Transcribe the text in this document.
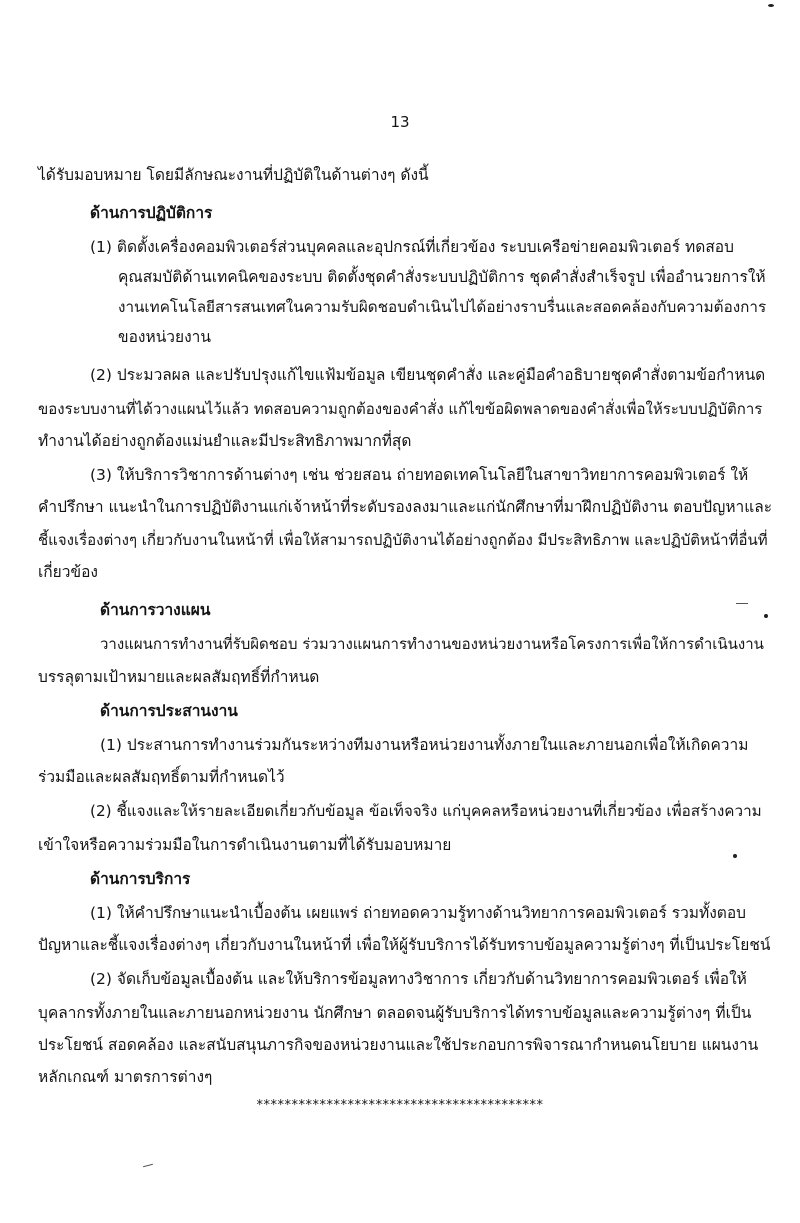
13
ได้รับมอบหมาย โดยมีลักษณะงานที่ปฏิบัติในด้านต่างๆ ดังนี้
ด้านการปฏิบัติการ
(1) ติดตั้งเครื่องคอมพิวเตอร์ส่วนบุคคลและอุปกรณ์ที่เกี่ยวข้อง ระบบเครือข่ายคอมพิวเตอร์ ทดสอบ
คุณสมบัติด้านเทคนิคของระบบ ติดตั้งชุดคำสั่งระบบปฏิบัติการ ชุดคำสั่งสำเร็จรูป เพื่ออำนวยการให้
งานเทคโนโลยีสารสนเทศในความรับผิดชอบดำเนินไปได้อย่างราบรื่นและสอดคล้องกับความต้องการ
ของหน่วยงาน
(2) ประมวลผล และปรับปรุงแก้ไขแฟ้มข้อมูล เขียนชุดคำสั่ง และคู่มือคำอธิบายชุดคำสั่งตามข้อกำหนด
ของระบบงานที่ได้วางแผนไว้แล้ว ทดสอบความถูกต้องของคำสั่ง แก้ไขข้อผิดพลาดของคำสั่งเพื่อให้ระบบปฏิบัติการ
ทำงานได้อย่างถูกต้องแม่นยำและมีประสิทธิภาพมากที่สุด
(3) ให้บริการวิชาการด้านต่างๆ เช่น ช่วยสอน ถ่ายทอดเทคโนโลยีในสาขาวิทยาการคอมพิวเตอร์ ให้
คำปรึกษา แนะนำในการปฏิบัติงานแก่เจ้าหน้าที่ระดับรองลงมาและแก่นักศึกษาที่มาฝึกปฏิบัติงาน ตอบปัญหาและ
ชี้แจงเรื่องต่างๆ เกี่ยวกับงานในหน้าที่ เพื่อให้สามารถปฏิบัติงานได้อย่างถูกต้อง มีประสิทธิภาพ และปฏิบัติหน้าที่อื่นที่
เกี่ยวข้อง
ด้านการวางแผน
วางแผนการทำงานที่รับผิดชอบ ร่วมวางแผนการทำงานของหน่วยงานหรือโครงการเพื่อให้การดำเนินงาน
บรรลุตามเป้าหมายและผลสัมฤทธิ์ที่กำหนด
ด้านการประสานงาน
(1) ประสานการทำงานร่วมกันระหว่างทีมงานหรือหน่วยงานทั้งภายในและภายนอกเพื่อให้เกิดความ
ร่วมมือและผลสัมฤทธิ์ตามที่กำหนดไว้
(2) ชี้แจงและให้รายละเอียดเกี่ยวกับข้อมูล ข้อเท็จจริง แก่บุคคลหรือหน่วยงานที่เกี่ยวข้อง เพื่อสร้างความ
เข้าใจหรือความร่วมมือในการดำเนินงานตามที่ได้รับมอบหมาย
ด้านการบริการ
(1) ให้คำปรึกษาแนะนำเบื้องต้น เผยแพร่ ถ่ายทอดความรู้ทางด้านวิทยาการคอมพิวเตอร์ รวมทั้งตอบ
ปัญหาและชี้แจงเรื่องต่างๆ เกี่ยวกับงานในหน้าที่ เพื่อให้ผู้รับบริการได้รับทราบข้อมูลความรู้ต่างๆ ที่เป็นประโยชน์
(2) จัดเก็บข้อมูลเบื้องต้น และให้บริการข้อมูลทางวิชาการ เกี่ยวกับด้านวิทยาการคอมพิวเตอร์ เพื่อให้
บุคลากรทั้งภายในและภายนอกหน่วยงาน นักศึกษา ตลอดจนผู้รับบริการได้ทราบข้อมูลและความรู้ต่างๆ ที่เป็น
ประโยชน์ สอดคล้อง และสนับสนุนภารกิจของหน่วยงานและใช้ประกอบการพิจารณากำหนดนโยบาย แผนงาน
หลักเกณฑ์ มาตรการต่างๆ
*****************************************
